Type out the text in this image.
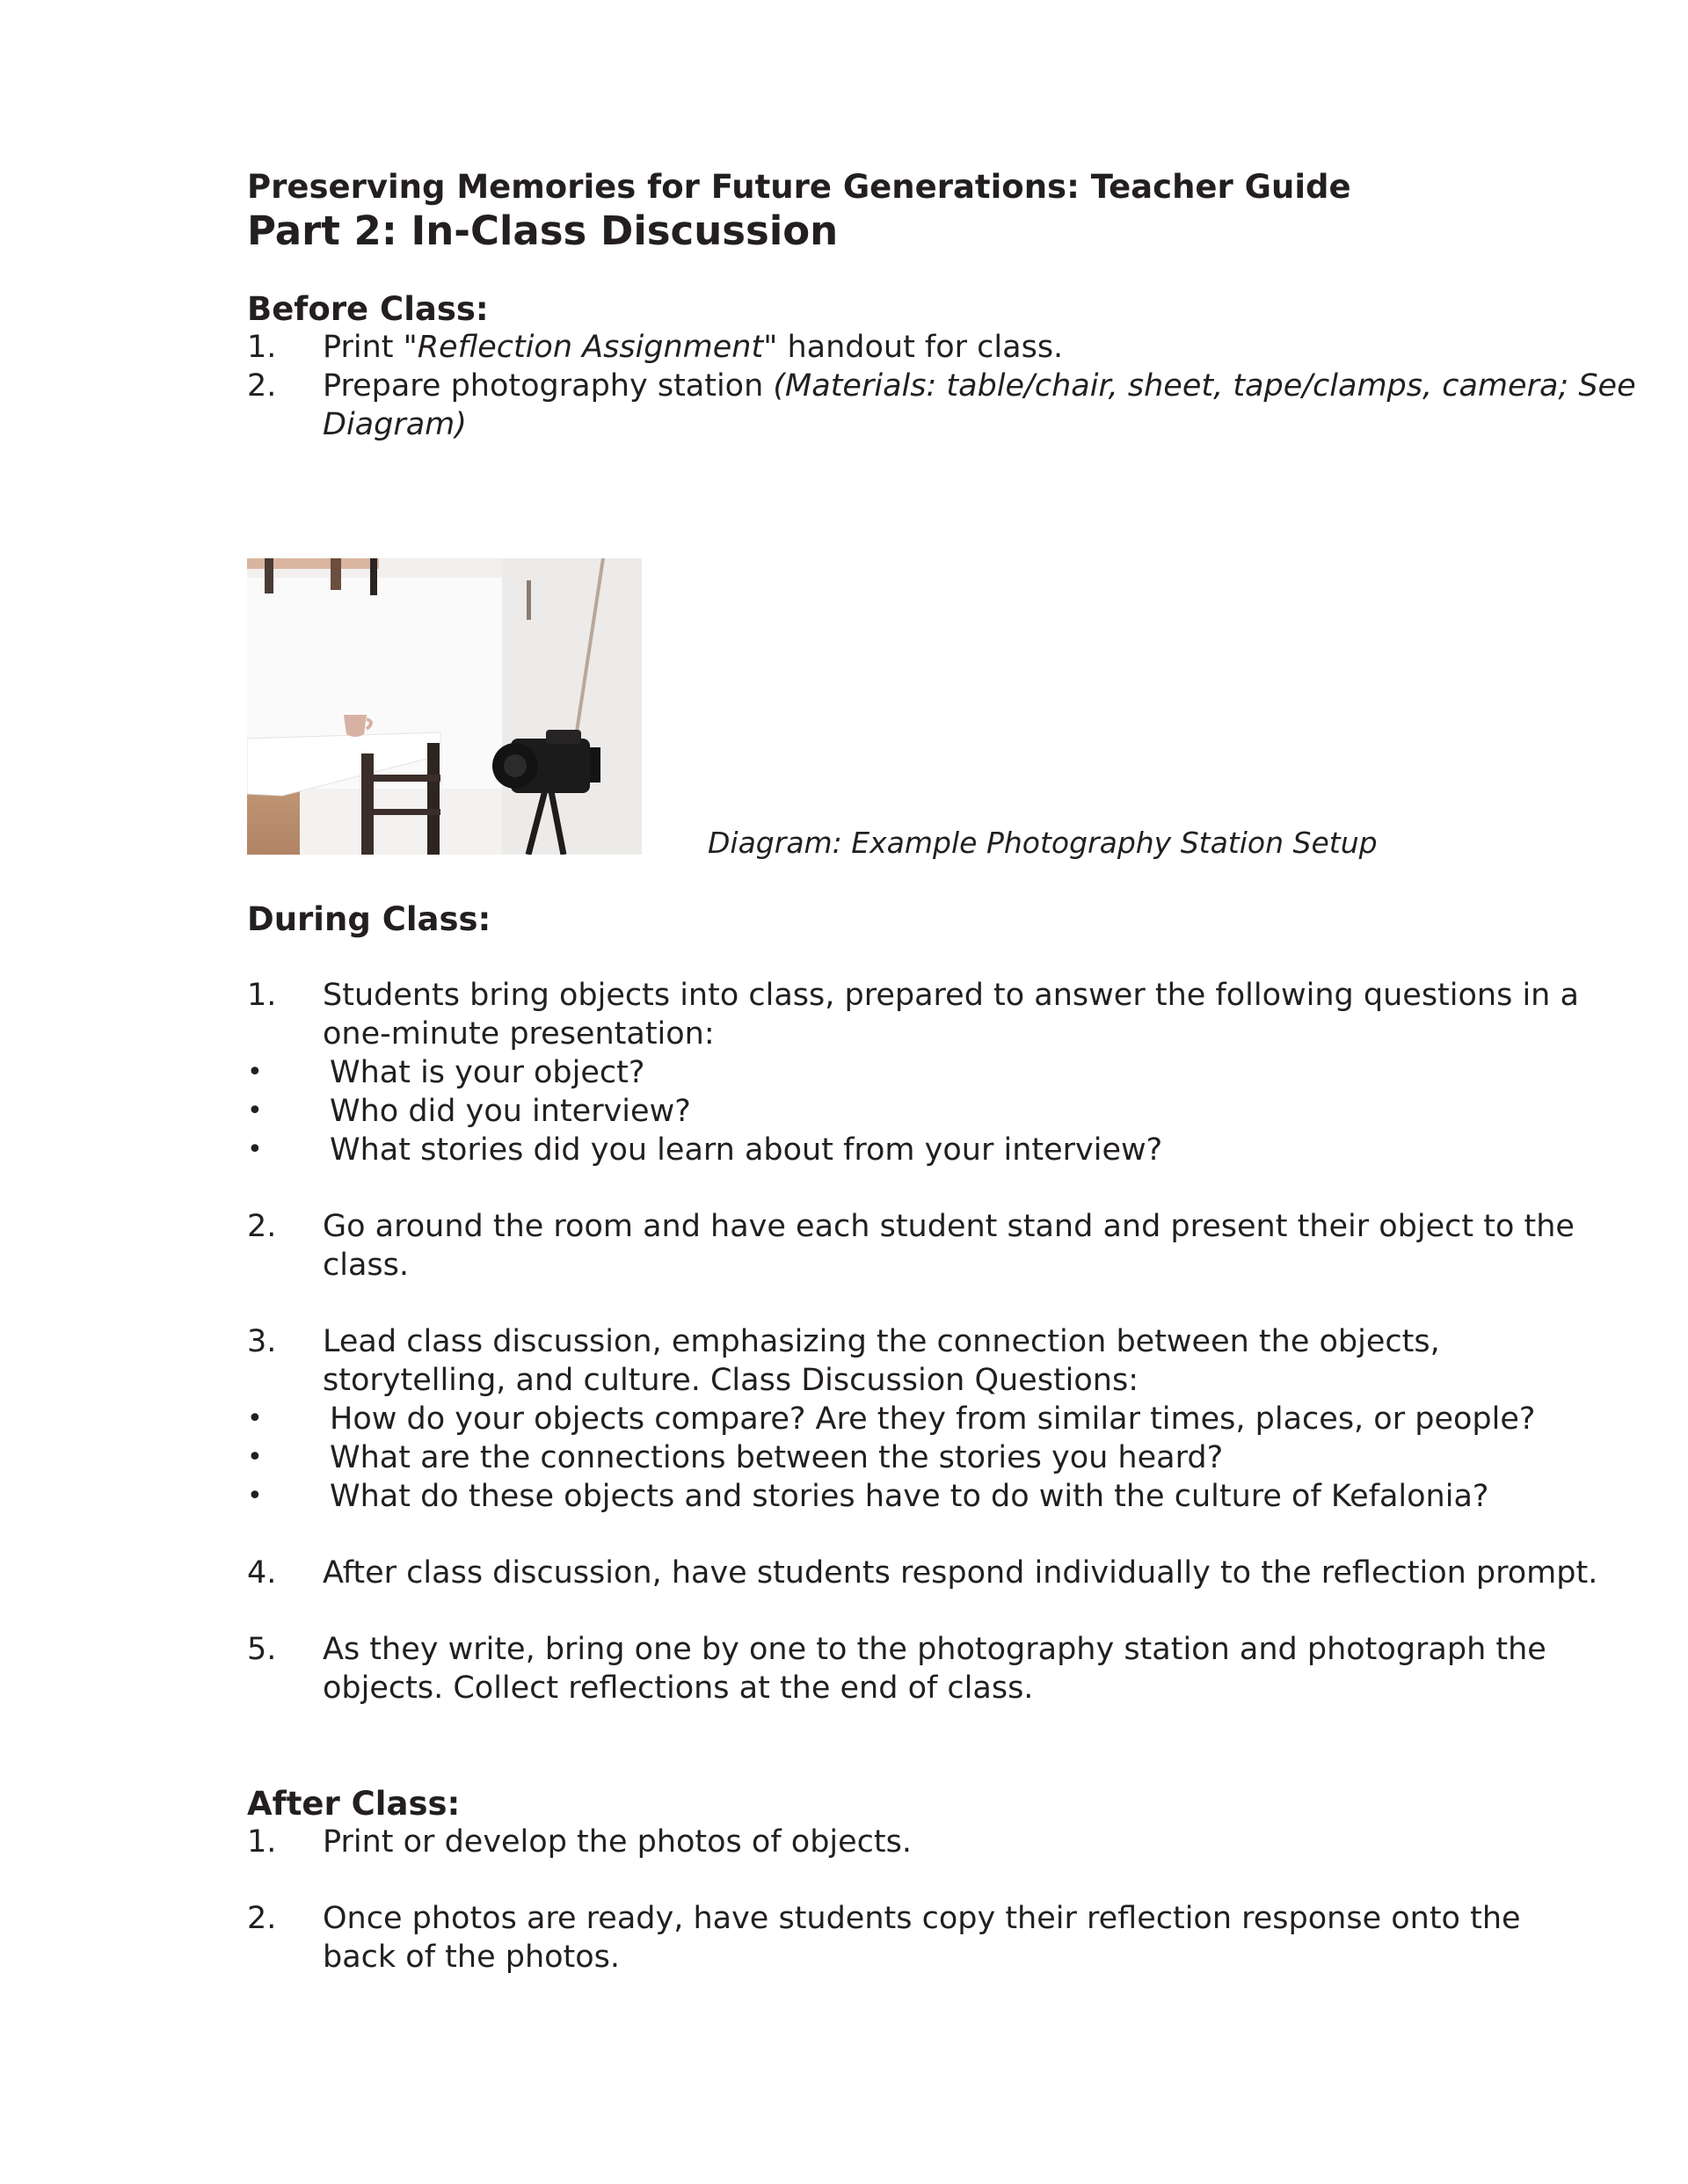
Preserving Memories for Future Generations: Teacher Guide
Part 2: In-Class Discussion
Before Class:
1. Print "Reflection Assignment" handout for class.
2. Prepare photography station (Materials: table/chair, sheet, tape/clamps, camera; See
Diagram)
Diagram: Example Photography Station Setup
During Class:
1. Students bring objects into class, prepared to answer the following questions in a
one-minute presentation:
• What is your object?
• Who did you interview?
• What stories did you learn about from your interview?
2. Go around the room and have each student stand and present their object to the
class.
3. Lead class discussion, emphasizing the connection between the objects,
storytelling, and culture. Class Discussion Questions:
• How do your objects compare? Are they from similar times, places, or people?
• What are the connections between the stories you heard?
• What do these objects and stories have to do with the culture of Kefalonia?
4. After class discussion, have students respond individually to the reflection prompt.
5. As they write, bring one by one to the photography station and photograph the
objects. Collect reflections at the end of class.
After Class:
1. Print or develop the photos of objects.
2. Once photos are ready, have students copy their reflection response onto the
back of the photos.
